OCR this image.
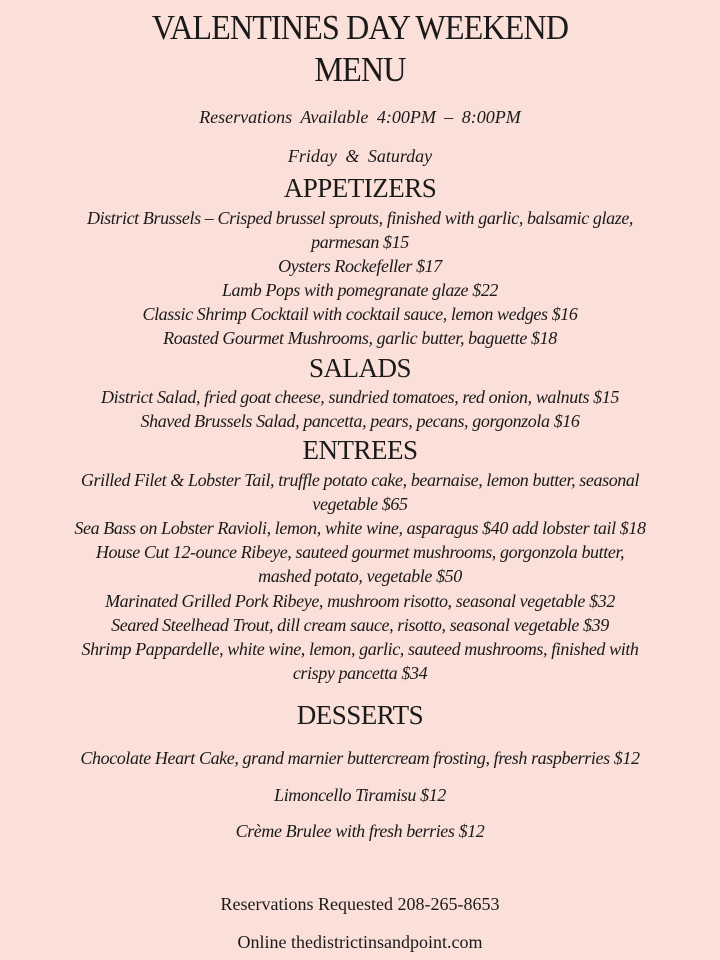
VALENTINES DAY WEEKEND
MENU
Reservations Available 4:00PM – 8:00PM
Friday & Saturday
APPETIZERS
District Brussels – Crisped brussel sprouts, finished with garlic, balsamic glaze,
parmesan $15
Oysters Rockefeller $17
Lamb Pops with pomegranate glaze $22
Classic Shrimp Cocktail with cocktail sauce, lemon wedges $16
Roasted Gourmet Mushrooms, garlic butter, baguette $18
SALADS
District Salad, fried goat cheese, sundried tomatoes, red onion, walnuts $15
Shaved Brussels Salad, pancetta, pears, pecans, gorgonzola $16
ENTREES
Grilled Filet & Lobster Tail, truffle potato cake, bearnaise, lemon butter, seasonal
vegetable $65
Sea Bass on Lobster Ravioli, lemon, white wine, asparagus $40 add lobster tail $18
House Cut 12-ounce Ribeye, sauteed gourmet mushrooms, gorgonzola butter,
mashed potato, vegetable $50
Marinated Grilled Pork Ribeye, mushroom risotto, seasonal vegetable $32
Seared Steelhead Trout, dill cream sauce, risotto, seasonal vegetable $39
Shrimp Pappardelle, white wine, lemon, garlic, sauteed mushrooms, finished with
crispy pancetta $34
DESSERTS
Chocolate Heart Cake, grand marnier buttercream frosting, fresh raspberries $12
Limoncello Tiramisu $12
Crème Brulee with fresh berries $12
Reservations Requested 208-265-8653
Online thedistrictinsandpoint.com
